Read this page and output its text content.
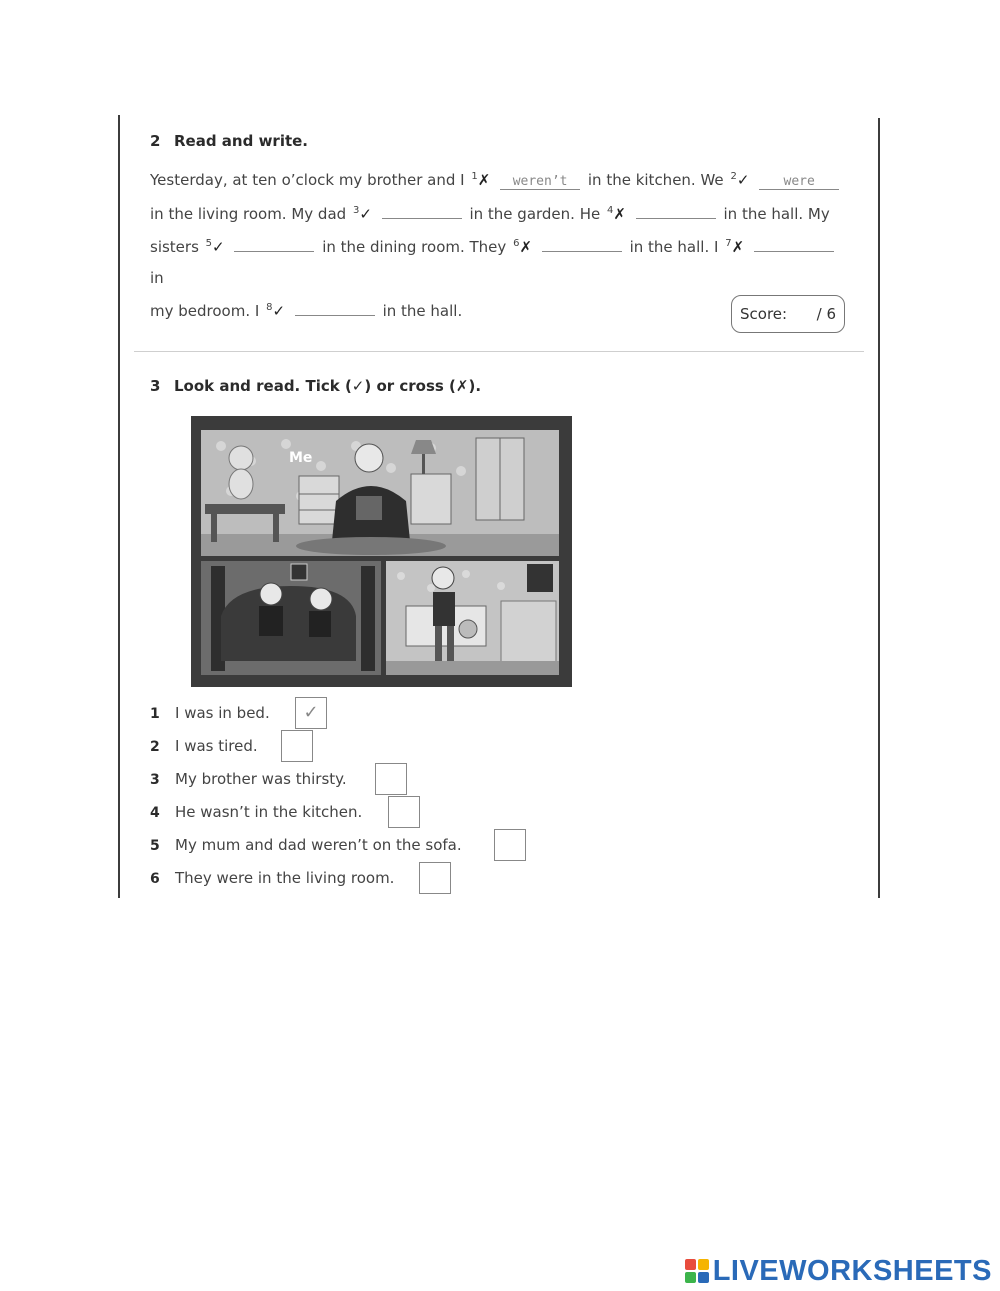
2 Read and write.
Yesterday, at ten o’clock my brother and I $^1$✗ weren’t in the kitchen. We $^2$✓	were
in the living room. My dad $^3$✓	in the garden. He $^4$✗	in the hall. My
sisters $^5$✓	in the dining room. They $^6$✗	in the hall. I $^7$✗  in
my bedroom. I $^8$✓	in the hall.	Score: / 6
3 Look and read. Tick (✓) or cross (✗).
Me
1 I was in bed.	✓
2 I was tired.
3 My brother was thirsty.
4 He wasn’t in the kitchen.
5 My mum and dad weren’t on the sofa.
6 They were in the living room.
LIVEWORKSHEETS
